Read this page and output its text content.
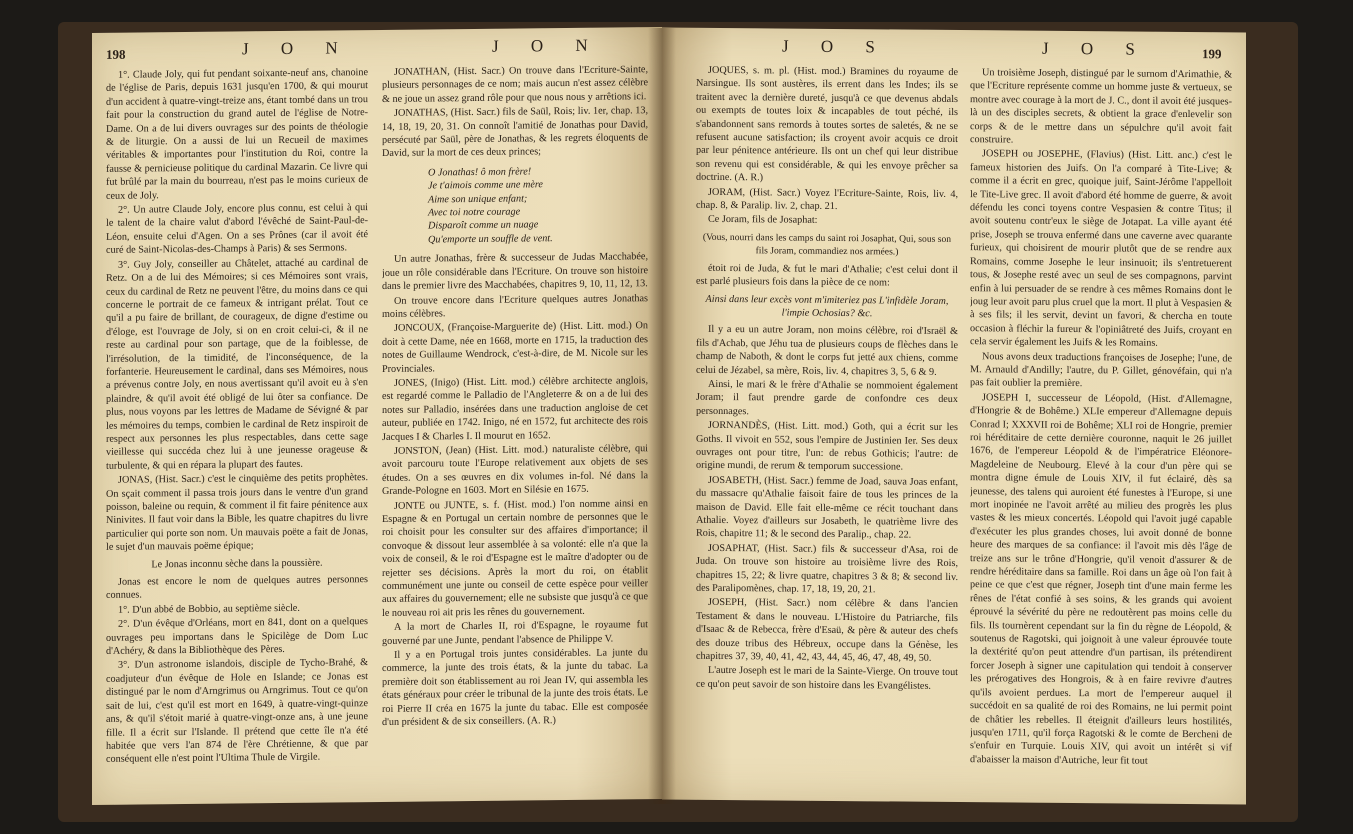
198	J O N	J O N

1°. Claude Joly, qui fut pendant soixante-neuf ans, chanoine de l'église de Paris, depuis 1631 jusqu'en 1700, & qui mourut d'un accident à quatre-vingt-treize ans, étant tombé dans un trou fait pour la construction du grand autel de l'église de Notre-Dame. On a de lui divers ouvrages sur des points de théologie & de liturgie. On a aussi de lui un Recueil de maximes véritables & importantes pour l'institution du Roi, contre la fausse & pernicieuse politique du cardinal Mazarin. Ce livre qui fut brûlé par la main du bourreau, n'est pas le moins curieux de ceux de Joly.

2°. Un autre Claude Joly, encore plus connu, est celui à qui le talent de la chaire valut d'abord l'évêché de Saint-Paul-de-Léon, ensuite celui d'Agen. On a ses Prônes (car il avoit été curé de Saint-Nicolas-des-Champs à Paris) & ses Sermons.

3°. Guy Joly, conseiller au Châtelet, attaché au cardinal de Retz. On a de lui des Mémoires; si ces Mémoires sont vrais, ceux du cardinal de Retz ne peuvent l'être, du moins dans ce qui concerne le portrait de ce fameux & intrigant prélat. Tout ce qu'il a pu faire de brillant, de courageux, de digne d'estime ou d'éloge, est l'ouvrage de Joly, si on en croit celui-ci, & il ne reste au cardinal pour son partage, que de la foiblesse, de l'irrésolution, de la timidité, de l'inconséquence, de la forfanterie. Heureusement le cardinal, dans ses Mémoires, nous a prévenus contre Joly, en nous avertissant qu'il avoit eu à s'en plaindre, & qu'il avoit été obligé de lui ôter sa confiance. De plus, nous voyons par les lettres de Madame de Sévigné & par les mémoires du temps, combien le cardinal de Retz inspiroit de respect aux personnes les plus respectables, dans cette sage vieillesse qui succéda chez lui à une jeunesse orageuse & turbulente, & qui en répara la plupart des fautes.

JONAS, (Hist. Sacr.) c'est le cinquième des petits prophètes. On sçait comment il passa trois jours dans le ventre d'un grand poisson, baleine ou requin, & comment il fit faire pénitence aux Ninivites. Il faut voir dans la Bible, les quatre chapitres du livre particulier qui porte son nom. Un mauvais poëte a fait de Jonas, le sujet d'un mauvais poëme épique;

Le Jonas inconnu sèche dans la poussière.

Jonas est encore le nom de quelques autres personnes connues.

1°. D'un abbé de Bobbio, au septième siècle.

2°. D'un évêque d'Orléans, mort en 841, dont on a quelques ouvrages peu importans dans le Spicilège de Dom Luc d'Achéry, & dans la Bibliothèque des Pères.

3°. D'un astronome islandois, disciple de Tycho-Brahé, & coadjuteur d'un évêque de Hole en Islande; ce Jonas est distingué par le nom d'Arngrimus ou Arngrimus. Tout ce qu'on sait de lui, c'est qu'il est mort en 1649, à quatre-vingt-quinze ans, & qu'il s'étoit marié à quatre-vingt-onze ans, à une jeune fille. Il a écrit sur l'Islande. Il prétend que cette île n'a été habitée que vers l'an 874 de l'ère Chrétienne, & que par conséquent elle n'est point l'Ultima Thule de Virgile.

JONATHAN, (Hist. Sacr.) On trouve dans l'Ecriture-Sainte, plusieurs personnages de ce nom; mais aucun n'est assez célèbre & ne joue un assez grand rôle pour que nous nous y arrêtions ici.

JONATHAS, (Hist. Sacr.) fils de Saül, Rois; liv. 1er, chap. 13, 14, 18, 19, 20, 31. On connoît l'amitié de Jonathas pour David, persécuté par Saül, père de Jonathas, & les regrets éloquents de David, sur la mort de ces deux princes;

O Jonathas! ô mon frère!

Je t'aimois comme une mère

Aime son unique enfant;

Avec toi notre courage

Disparoît comme un nuage

Qu'emporte un souffle de vent.

Un autre Jonathas, frère & successeur de Judas Macchabée, joue un rôle considérable dans l'Ecriture. On trouve son histoire dans le premier livre des Macchabées, chapitres 9, 10, 11, 12, 13.

On trouve encore dans l'Ecriture quelques autres Jonathas moins célèbres.

JONCOUX, (Françoise-Marguerite de) (Hist. Litt. mod.) On doit à cette Dame, née en 1668, morte en 1715, la traduction des notes de Guillaume Wendrock, c'est-à-dire, de M. Nicole sur les Provinciales.

JONES, (Inigo) (Hist. Litt. mod.) célèbre architecte anglois, est regardé comme le Palladio de l'Angleterre & on a de lui des notes sur Palladio, insérées dans une traduction angloise de cet auteur, publiée en 1742. Inigo, né en 1572, fut architecte des rois Jacques I & Charles I. Il mourut en 1652.

JONSTON, (Jean) (Hist. Litt. mod.) naturaliste célèbre, qui avoit parcouru toute l'Europe relativement aux objets de ses études. On a ses œuvres en dix volumes in-fol. Né dans la Grande-Pologne en 1603. Mort en Silésie en 1675.

JONTE ou JUNTE, s. f. (Hist. mod.) l'on nomme ainsi en Espagne & en Portugal un certain nombre de personnes que le roi choisit pour les consulter sur des affaires d'importance; il convoque & dissout leur assemblée à sa volonté: elle n'a que la voix de conseil, & le roi d'Espagne est le maître d'adopter ou de rejetter ses décisions. Après la mort du roi, on établit communément une junte ou conseil de cette espèce pour veiller aux affaires du gouvernement; elle ne subsiste que jusqu'à ce que le nouveau roi ait pris les rênes du gouvernement.

A la mort de Charles II, roi d'Espagne, le royaume fut gouverné par une Junte, pendant l'absence de Philippe V.

Il y a en Portugal trois juntes considérables. La junte du commerce, la junte des trois états, & la junte du tabac. La première doit son établissement au roi Jean IV, qui assembla les états généraux pour créer le tribunal de la junte des trois états. Le roi Pierre II créa en 1675 la junte du tabac. Elle est composée d'un président & de six conseillers. (A. R.)

J O S	J O S	199

JOQUES, s. m. pl. (Hist. mod.) Bramines du royaume de Narsingue. Ils sont austères, ils errent dans les Indes; ils se traitent avec la dernière dureté, jusqu'à ce que devenus abdals ou exempts de toutes loix & incapables de tout péché, ils s'abandonnent sans remords à toutes sortes de saletés, & ne se refusent aucune satisfaction; ils croyent avoir acquis ce droit par leur pénitence antérieure. Ils ont un chef qui leur distribue son revenu qui est considérable, & qui les envoye prêcher sa doctrine. (A. R.)

JORAM, (Hist. Sacr.) Voyez l'Ecriture-Sainte, Rois, liv. 4, chap. 8, & Paralip. liv. 2, chap. 21.

Ce Joram, fils de Josaphat:

(Vous, nourri dans les camps du saint roi Josaphat, Qui, sous son fils Joram, commandiez nos armées.)

étoit roi de Juda, & fut le mari d'Athalie; c'est celui dont il est parlé plusieurs fois dans la pièce de ce nom:

Ainsi dans leur excès vont m'imiteriez pas L'infidèle Joram, l'impie Ochosias? &c.

Il y a eu un autre Joram, non moins célèbre, roi d'Israël & fils d'Achab, que Jéhu tua de plusieurs coups de flèches dans le champ de Naboth, & dont le corps fut jetté aux chiens, comme celui de Jézabel, sa mère, Rois, liv. 4, chapitres 3, 5, 6 & 9.

Ainsi, le mari & le frère d'Athalie se nommoient également Joram; il faut prendre garde de confondre ces deux personnages.

JORNANDÈS, (Hist. Litt. mod.) Goth, qui a écrit sur les Goths. Il vivoit en 552, sous l'empire de Justinien Ier. Ses deux ouvrages ont pour titre, l'un: de rebus Gothicis; l'autre: de origine mundi, de rerum & temporum successione.

JOSABETH, (Hist. Sacr.) femme de Joad, sauva Joas enfant, du massacre qu'Athalie faisoit faire de tous les princes de la maison de David. Elle fait elle-même ce récit touchant dans Athalie. Voyez d'ailleurs sur Josabeth, le quatrième livre des Rois, chapitre 11; & le second des Paralip., chap. 22.

JOSAPHAT, (Hist. Sacr.) fils & successeur d'Asa, roi de Juda. On trouve son histoire au troisième livre des Rois, chapitres 15, 22; & livre quatre, chapitres 3 & 8; & second liv. des Paralipomènes, chap. 17, 18, 19, 20, 21.

JOSEPH, (Hist. Sacr.) nom célèbre & dans l'ancien Testament & dans le nouveau. L'Histoire du Patriarche, fils d'Isaac & de Rebecca, frère d'Esaü, & père & auteur des chefs des douze tribus des Hébreux, occupe dans la Génèse, les chapitres 37, 39, 40, 41, 42, 43, 44, 45, 46, 47, 48, 49, 50.

L'autre Joseph est le mari de la Sainte-Vierge. On trouve tout ce qu'on peut savoir de son histoire dans les Evangélistes.

Un troisième Joseph, distingué par le surnom d'Arimathie, & que l'Ecriture représente comme un homme juste & vertueux, se montre avec courage à la mort de J. C., dont il avoit été jusques-là un des disciples secrets, & obtient la grace d'enlevelir son corps & de le mettre dans un sépulchre qu'il avoit fait construire.

JOSEPH ou JOSEPHE, (Flavius) (Hist. Litt. anc.) c'est le fameux historien des Juifs. On l'a comparé à Tite-Live; & comme il a écrit en grec, quoique juif, Saint-Jérôme l'appelloit le Tite-Live grec. Il avoit d'abord été homme de guerre, & avoit défendu les conci toyens contre Vespasien & contre Titus; il avoit soutenu contr'eux le siège de Jotapat. La ville ayant été prise, Joseph se trouva enfermé dans une caverne avec quarante furieux, qui choisirent de mourir plutôt que de se rendre aux Romains, comme Josephe le leur insinuoit; ils s'entretuerent tous, & Josephe resté avec un seul de ses compagnons, parvint enfin à lui persuader de se rendre à ces mêmes Romains dont le joug leur avoit paru plus cruel que la mort. Il plut à Vespasien & à ses fils; il les servit, devint un favori, & chercha en toute occasion à fléchir la fureur & l'opiniâtreté des Juifs, croyant en cela servir également les Juifs & les Romains.

Nous avons deux traductions françoises de Josephe; l'une, de M. Arnauld d'Andilly; l'autre, du P. Gillet, génovéfain, qui n'a pas fait oublier la première.

JOSEPH I, successeur de Léopold, (Hist. d'Allemagne, d'Hongrie & de Bohême.) XLIe empereur d'Allemagne depuis Conrad I; XXXVII roi de Bohême; XLI roi de Hongrie, premier roi héréditaire de cette dernière couronne, naquit le 26 juillet 1676, de l'empereur Léopold & de l'impératrice Eléonore-Magdeleine de Neubourg. Elevé à la cour d'un père qui se montra digne émule de Louis XIV, il fut éclairé, dès sa jeunesse, des talens qui auroient été funestes à l'Europe, si une mort inopinée ne l'avoit arrêté au milieu des progrès les plus vastes & les mieux concertés. Léopold qui l'avoit jugé capable d'exécuter les plus grandes choses, lui avoit donné de bonne heure des marques de sa confiance: il l'avoit mis dès l'âge de treize ans sur le trône d'Hongrie, qu'il venoit d'assurer & de rendre héréditaire dans sa famille. Roi dans un âge où l'on fait à peine ce que c'est que régner, Joseph tint d'une main ferme les rênes de l'état confié à ses soins, & les grands qui avoient éprouvé la sévérité du père ne redoutèrent pas moins celle du fils. Ils tournèrent cependant sur la fin du règne de Léopold, & soutenus de Ragotski, qui joignoit à une valeur éprouvée toute la dextérité qu'on peut attendre d'un partisan, ils prétendirent forcer Joseph à signer une capitulation qui tendoit à conserver les prérogatives des Hongrois, & à en faire revivre d'autres qu'ils avoient perdues. La mort de l'empereur auquel il succédoit en sa qualité de roi des Romains, ne lui permit point de châtier les rebelles. Il éteignit d'ailleurs leurs hostilités, jusqu'en 1711, qu'il força Ragotski & le comte de Bercheni de s'enfuir en Turquie. Louis XIV, qui avoit un intérêt si vif d'abaisser la maison d'Autriche, leur fit tout
